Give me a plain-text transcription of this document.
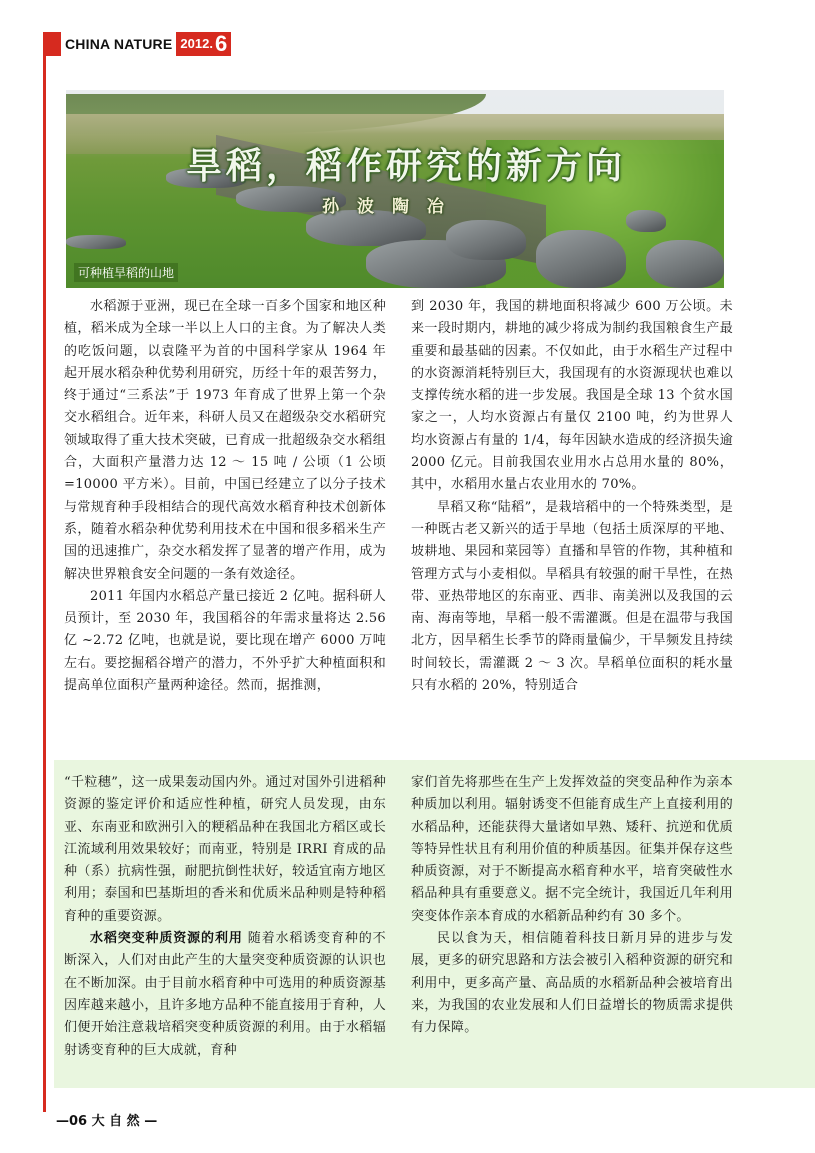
CHINA NATURE 2012. 6
旱稻，稻作研究的新方向
孙 波 陶 冶
可种植旱稻的山地

水稻源于亚洲，现已在全球一百多个国家和地区种植，稻米成为全球一半以上人口的主食。为了解决人类的吃饭问题，以袁隆平为首的中国科学家从 1964 年起开展水稻杂种优势利用研究，历经十年的艰苦努力，终于通过“三系法”于 1973 年育成了世界上第一个杂交水稻组合。近年来，科研人员又在超级杂交水稻研究领域取得了重大技术突破，已育成一批超级杂交水稻组合，大面积产量潜力达 12 ～ 15 吨 / 公顷（1 公顷 =10000 平方米）。目前，中国已经建立了以分子技术与常规育种手段相结合的现代高效水稻育种技术创新体系，随着水稻杂种优势利用技术在中国和很多稻米生产国的迅速推广，杂交水稻发挥了显著的增产作用，成为解决世界粮食安全问题的一条有效途径。

2011 年国内水稻总产量已接近 2 亿吨。据科研人员预计，至 2030 年，我国稻谷的年需求量将达 2.56 亿 ~2.72 亿吨，也就是说，要比现在增产 6000 万吨左右。要挖掘稻谷增产的潜力，不外乎扩大种植面积和提高单位面积产量两种途径。然而，据推测，

到 2030 年，我国的耕地面积将减少 600 万公顷。未来一段时期内，耕地的减少将成为制约我国粮食生产最重要和最基础的因素。不仅如此，由于水稻生产过程中的水资源消耗特别巨大，我国现有的水资源现状也难以支撑传统水稻的进一步发展。我国是全球 13 个贫水国家之一，人均水资源占有量仅 2100 吨，约为世界人均水资源占有量的 1/4，每年因缺水造成的经济损失逾 2000 亿元。目前我国农业用水占总用水量的 80%，其中，水稻用水量占农业用水的 70%。

旱稻又称“陆稻”，是栽培稻中的一个特殊类型，是一种既古老又新兴的适于旱地（包括土质深厚的平地、坡耕地、果园和菜园等）直播和旱管的作物，其种植和管理方式与小麦相似。旱稻具有较强的耐干旱性，在热带、亚热带地区的东南亚、西非、南美洲以及我国的云南、海南等地，旱稻一般不需灌溉。但是在温带与我国北方，因旱稻生长季节的降雨量偏少，干旱频发且持续时间较长，需灌溉 2 ～ 3 次。旱稻单位面积的耗水量只有水稻的 20%，特别适合

“千粒穗”，这一成果轰动国内外。通过对国外引进稻种资源的鉴定评价和适应性种植，研究人员发现，由东亚、东南亚和欧洲引入的粳稻品种在我国北方稻区或长江流域利用效果较好；而南亚，特别是 IRRI 育成的品种（系）抗病性强，耐肥抗倒性状好，较适宜南方地区利用；泰国和巴基斯坦的香米和优质米品种则是特种稻育种的重要资源。

水稻突变种质资源的利用 随着水稻诱变育种的不断深入，人们对由此产生的大量突变种质资源的认识也在不断加深。由于目前水稻育种中可选用的种质资源基因库越来越小，且许多地方品种不能直接用于育种，人们便开始注意栽培稻突变种质资源的利用。由于水稻辐射诱变育种的巨大成就，育种

家们首先将那些在生产上发挥效益的突变品种作为亲本种质加以利用。辐射诱变不但能育成生产上直接利用的水稻品种，还能获得大量诸如早熟、矮秆、抗逆和优质等特异性状且有利用价值的种质基因。征集并保存这些种质资源，对于不断提高水稻育种水平，培育突破性水稻品种具有重要意义。据不完全统计，我国近几年利用突变体作亲本育成的水稻新品种约有 30 多个。

民以食为天，相信随着科技日新月异的进步与发展，更多的研究思路和方法会被引入稻种资源的研究和利用中，更多高产量、高品质的水稻新品种会被培育出来，为我国的农业发展和人们日益增长的物质需求提供有力保障。

—06 大 自 然 —
